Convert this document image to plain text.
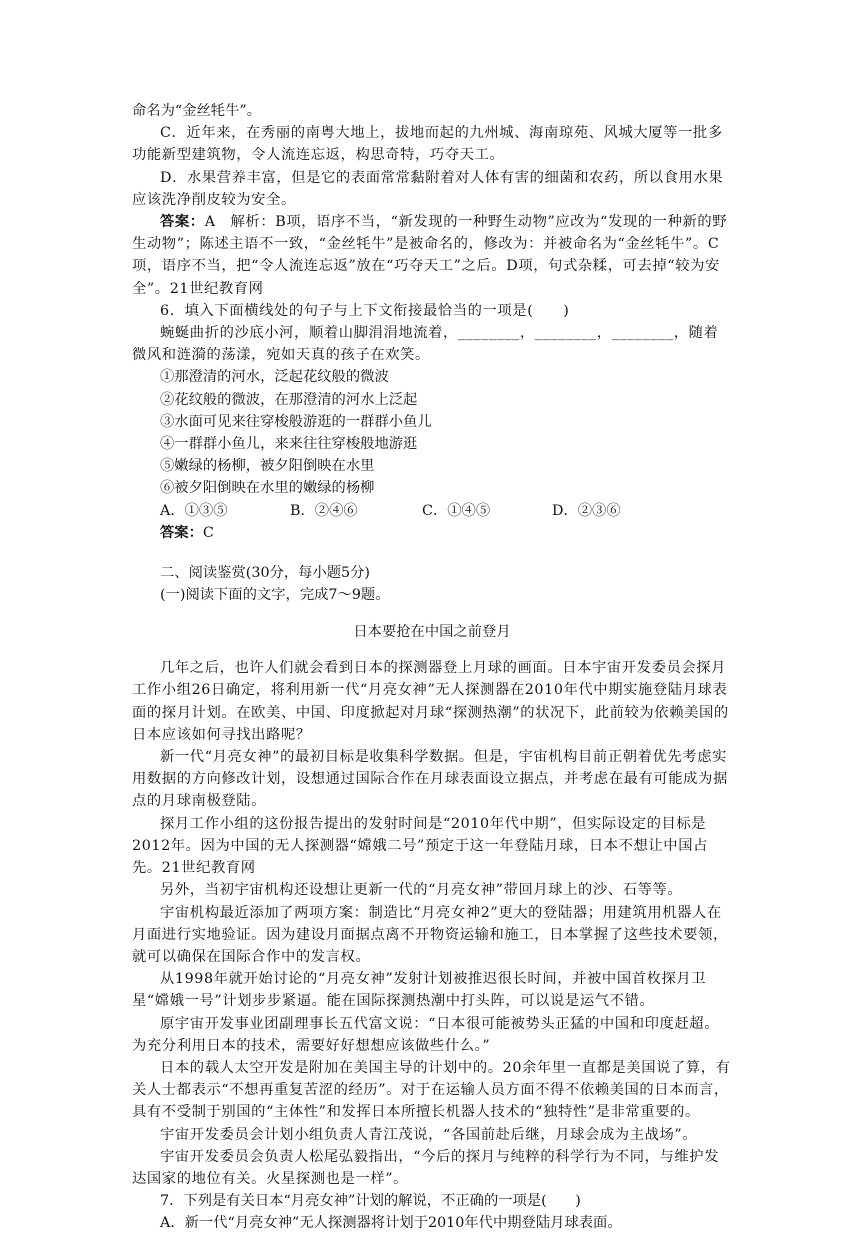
命名为“金丝牦牛”。

C．近年来，在秀丽的南粤大地上，拔地而起的九州城、海南琼苑、风城大厦等一批多功能新型建筑物，令人流连忘返，构思奇特，巧夺天工。

D．水果营养丰富，但是它的表面常常黏附着对人体有害的细菌和农药，所以食用水果应该洗净削皮较为安全。

答案：A　解析：B项，语序不当，“新发现的一种野生动物”应改为“发现的一种新的野生动物”；陈述主语不一致，“金丝牦牛”是被命名的，修改为：并被命名为“金丝牦牛”。C项，语序不当，把“令人流连忘返”放在“巧夺天工”之后。D项，句式杂糅，可去掉“较为安全”。21世纪教育网

6．填入下面横线处的句子与上下文衔接最恰当的一项是(　　)

蜿蜒曲折的沙底小河，顺着山脚涓涓地流着，________，________，________，随着微风和涟漪的荡漾，宛如天真的孩子在欢笑。

①那澄清的河水，泛起花纹般的微波

②花纹般的微波，在那澄清的河水上泛起

③水面可见来往穿梭般游逛的一群群小鱼儿

④一群群小鱼儿，来来往往穿梭般地游逛

⑤嫩绿的杨柳，被夕阳倒映在水里

⑥被夕阳倒映在水里的嫩绿的杨柳

A．①③⑤	B．②④⑥	C．①④⑤	D．②③⑥

答案：C

二、阅读鉴赏(30分，每小题5分)

(一)阅读下面的文字，完成7～9题。

日本要抢在中国之前登月

几年之后，也许人们就会看到日本的探测器登上月球的画面。日本宇宙开发委员会探月工作小组26日确定，将利用新一代“月亮女神”无人探测器在2010年代中期实施登陆月球表面的探月计划。在欧美、中国、印度掀起对月球“探测热潮”的状况下，此前较为依赖美国的日本应该如何寻找出路呢？

新一代“月亮女神”的最初目标是收集科学数据。但是，宇宙机构目前正朝着优先考虑实用数据的方向修改计划，设想通过国际合作在月球表面设立据点，并考虑在最有可能成为据点的月球南极登陆。

探月工作小组的这份报告提出的发射时间是“2010年代中期”，但实际设定的目标是2012年。因为中国的无人探测器“嫦娥二号”预定于这一年登陆月球，日本不想让中国占先。21世纪教育网

另外，当初宇宙机构还设想让更新一代的“月亮女神”带回月球上的沙、石等等。

宇宙机构最近添加了两项方案：制造比“月亮女神2”更大的登陆器；用建筑用机器人在月面进行实地验证。因为建设月面据点离不开物资运输和施工，日本掌握了这些技术要领，就可以确保在国际合作中的发言权。

从1998年就开始讨论的“月亮女神”发射计划被推迟很长时间，并被中国首枚探月卫星“嫦娥一号”计划步步紧逼。能在国际探测热潮中打头阵，可以说是运气不错。

原宇宙开发事业团副理事长五代富文说：“日本很可能被势头正猛的中国和印度赶超。为充分利用日本的技术，需要好好想想应该做些什么。”

日本的载人太空开发是附加在美国主导的计划中的。20余年里一直都是美国说了算，有关人士都表示“不想再重复苦涩的经历”。对于在运输人员方面不得不依赖美国的日本而言，具有不受制于别国的“主体性”和发挥日本所擅长机器人技术的“独特性”是非常重要的。

宇宙开发委员会计划小组负责人青江茂说，“各国前赴后继，月球会成为主战场”。

宇宙开发委员会负责人松尾弘毅指出，“今后的探月与纯粹的科学行为不同，与维护发达国家的地位有关。火星探测也是一样”。

7．下列是有关日本“月亮女神”计划的解说，不正确的一项是(　　)

A．新一代“月亮女神”无人探测器将计划于2010年代中期登陆月球表面。
